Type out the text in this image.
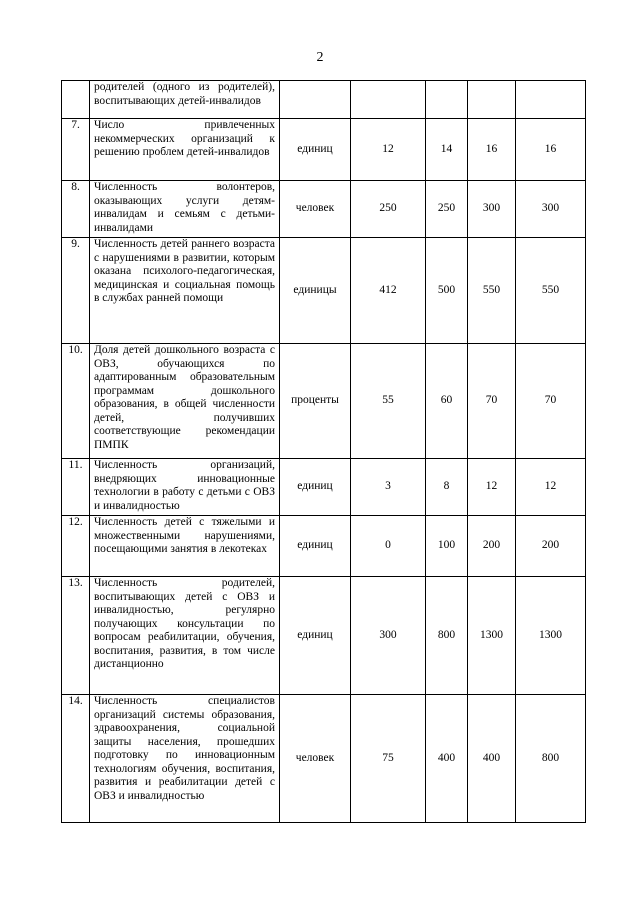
2
	родителей (одного из родителей), воспитывающих детей-инвалидов					
7.	Число привлеченных некоммерческих организаций к решению проблем детей-инвалидов	единиц	12	14	16	16
8.	Численность волонтеров, оказывающих услуги детям-инвалидам и семьям с детьми-инвалидами	человек	250	250	300	300
9.	Численность детей раннего возраста с нарушениями в развитии, которым оказана психолого-педагогическая, медицинская и социальная помощь в службах ранней помощи	единицы	412	500	550	550
10.	Доля детей дошкольного возраста с ОВЗ, обучающихся по адаптированным образовательным программам дошкольного образования, в общей численности детей, получивших соответствующие рекомендации ПМПК	проценты	55	60	70	70
11.	Численность организаций, внедряющих инновационные технологии в работу с детьми с ОВЗ и инвалидностью	единиц	3	8	12	12
12.	Численность детей с тяжелыми и множественными нарушениями, посещающими занятия в лекотеках	единиц	0	100	200	200
13.	Численность родителей, воспитывающих детей с ОВЗ и инвалидностью, регулярно получающих консультации по вопросам реабилитации, обучения, воспитания, развития, в том числе дистанционно	единиц	300	800	1300	1300
14.	Численность специалистов организаций системы образования, здравоохранения, социальной защиты населения, прошедших подготовку по инновационным технологиям обучения, воспитания, развития и реабилитации детей с ОВЗ и инвалидностью	человек	75	400	400	800
